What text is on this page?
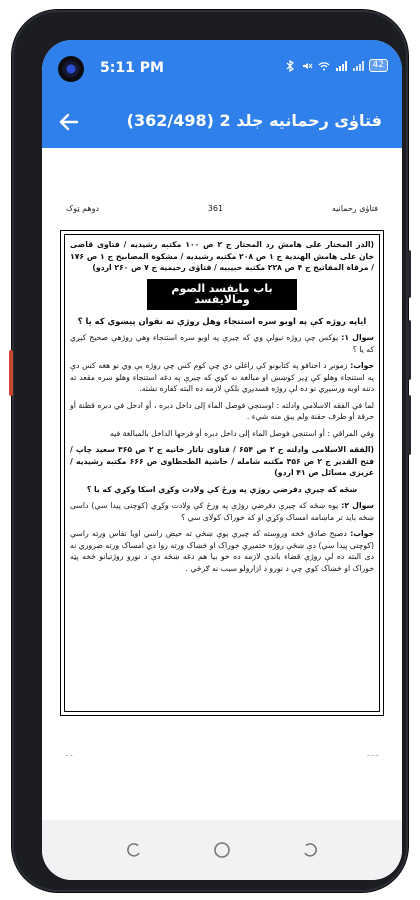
5:11 PM	42
فتاوٰی رحمانیه جلد 2 (362/498)
دوهم ټوک	361	فتاوٰی رحمانیه

(الدر المختار علی هامش رد المحتار ج ۲ ص ۱۰۰ مکتبه رشیدیه / فتاوی قاضی خان علی هامش الهندیة ج ۱ ص ۲۰۸ مکتبه رشیدیه / مشکوة المصابیح ج ۱ ص ۱۷۶ / مرقاة المفاتیح ج ۴ ص ۲۲۸ مکتبه حبیبیه / فتاوٰی رحیمیه ج ۷ ص ۲۶۰ اردو)

باب مایفسد الصوم ومالایفسد

ایاپه روژه کې په اوبو سره استنجاء وهل روژې ته نقوان پیښوي که یا ؟

سوال ۱: یوکس چې روژه نیولې وي که چیرې په اوبو سره استنجاء وهي روژهې صحیح کیږي که یا ؟

جواب: زمونږ د احنافو په کتابونو کې راغلي دي چې کوم کس چې روژه یې وي نو هغه کس دې په استنجاء وهلو کې ډیر کوښښ او مبالغه نه کوي که چیرې په دغه استنجاء وهلو سره مقعد ته دننه اوبه ورسیږي نو ده لې روژه فسدیږي بلکې لازمه ده البته کفاره نشته.

لما في الفقه الاسلامي وادلته : اوستجي فوصل الماء إلى داخل دبره ، أو ادخل في دبره قطنة أو حرقة أو طرف حقنة ولم يبق منه شيء .

وفي المراقي : أو استنجي فوصل الماء إلى داخل دبره أو فرجها الداخل بالمبالغة فيه

(الفقه الاسلامی وادلته ج ۲ ص ۶۵۴ / فتاوی تاتار خانیه ج ۲ ص ۳۶۵ سعید چاپ / فتح القدیر ج ۲ ص ۳۵۶ مکتبه شامله / حاشیة الطحطاوی ص ۶۶۶ مکتبه رشیدیه / عزیزی مسائل ص ۴۱ اردو)

ښځه که چیرې دفرضي روژې په ورځ کې ولادت وکړي اسکا وکړي که یا ؟

سوال ۲: یوه ښځه که چیرې دفرضي روژې په ورځ کې ولادت وکړي (کوچنی پیدا سي) داسی ښځه باید تر ماښامه امساک وکړي او که خوراک کولای سي ؟

جواب: دصبح صادق څخه وروسته که چیرې یوې ښځې ته حیض راسي اویا نفاس ورته راسي (کوچنی پیدا سي) دې ښځې روژه ختمیږي خوراک او څښاک ورته روا دي امساک ورته ضروري نه دی البته ده لې روژې قضاء باندې لازمه ده خو بیا هم دغه ښځه دې د نورو روژتیانو څخه پټه خوراک او څښاک کوي چې د نورو د ازارولو سبب نه ګرځي .

ـ ـ	ـ ـ ـ
